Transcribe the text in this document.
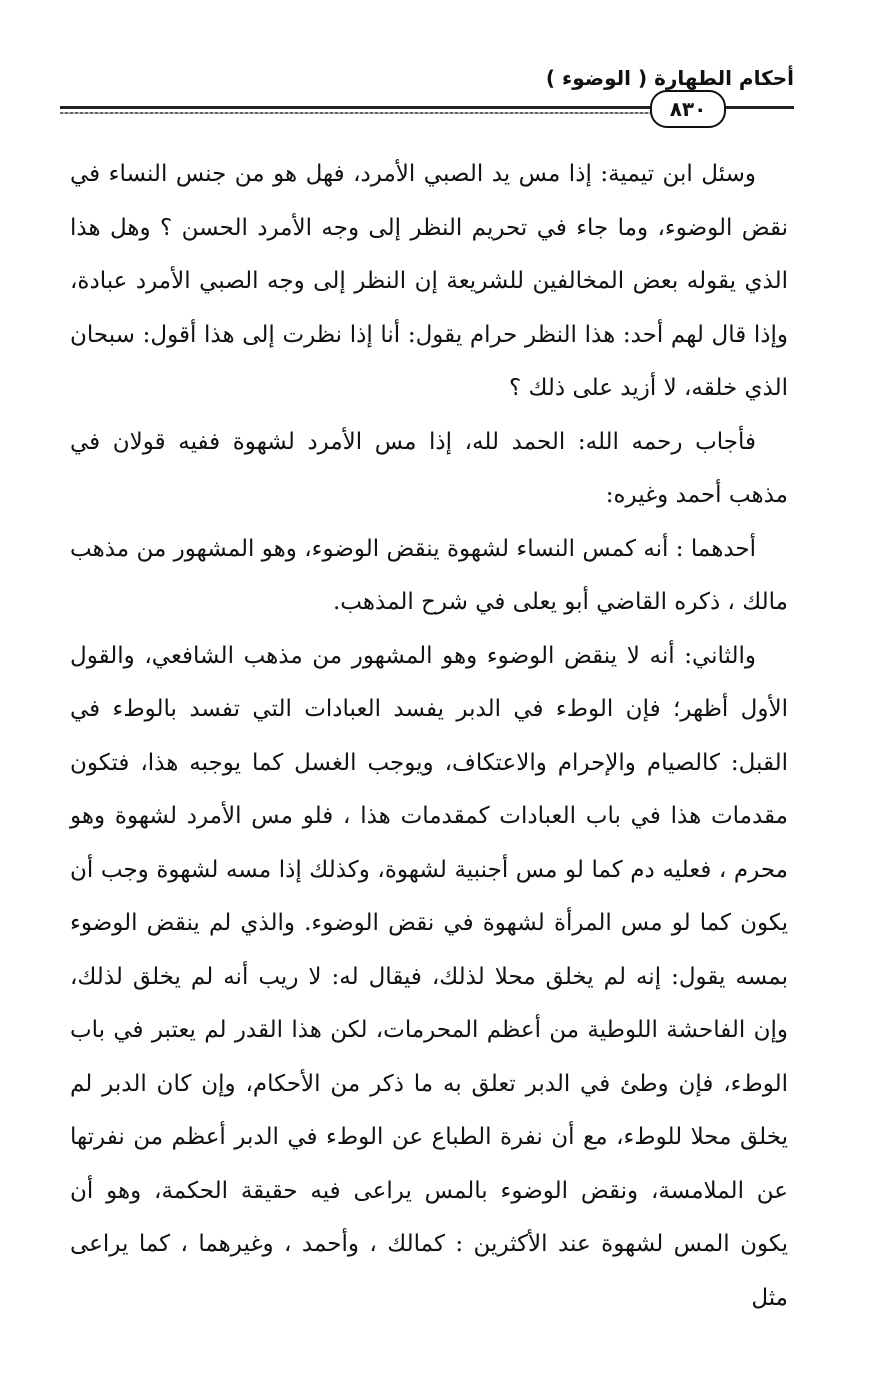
أحكام الطهارة ( الوضوء )
٨٣٠

وسئل ابن تيمية: إذا مس يد الصبي الأمرد، فهل هو من جنس النساء في نقض الوضوء، وما جاء في تحريم النظر إلى وجه الأمرد الحسن ؟ وهل هذا الذي يقوله بعض المخالفين للشريعة إن النظر إلى وجه الصبي الأمرد عبادة، وإذا قال لهم أحد: هذا النظر حرام يقول: أنا إذا نظرت إلى هذا أقول: سبحان الذي خلقه، لا أزيد على ذلك ؟

فأجاب رحمه الله: الحمد لله، إذا مس الأمرد لشهوة ففيه قولان في مذهب أحمد وغيره:

أحدهما : أنه كمس النساء لشهوة ينقض الوضوء، وهو المشهور من مذهب مالك ، ذكره القاضي أبو يعلى في شرح المذهب.

والثاني: أنه لا ينقض الوضوء وهو المشهور من مذهب الشافعي، والقول الأول أظهر؛ فإن الوطء في الدبر يفسد العبادات التي تفسد بالوطء في القبل: كالصيام والإحرام والاعتكاف، ويوجب الغسل كما يوجبه هذا، فتكون مقدمات هذا في باب العبادات كمقدمات هذا ، فلو مس الأمرد لشهوة وهو محرم ، فعليه دم كما لو مس أجنبية لشهوة، وكذلك إذا مسه لشهوة وجب أن يكون كما لو مس المرأة لشهوة في نقض الوضوء. والذي لم ينقض الوضوء بمسه يقول: إنه لم يخلق محلا لذلك، فيقال له: لا ريب أنه لم يخلق لذلك، وإن الفاحشة اللوطية من أعظم المحرمات، لكن هذا القدر لم يعتبر في باب الوطء، فإن وطئ في الدبر تعلق به ما ذكر من الأحكام، وإن كان الدبر لم يخلق محلا للوطء، مع أن نفرة الطباع عن الوطء في الدبر أعظم من نفرتها عن الملامسة، ونقض الوضوء بالمس يراعى فيه حقيقة الحكمة، وهو أن يكون المس لشهوة عند الأكثرين : كمالك ، وأحمد ، وغيرهما ، كما يراعى مثل
